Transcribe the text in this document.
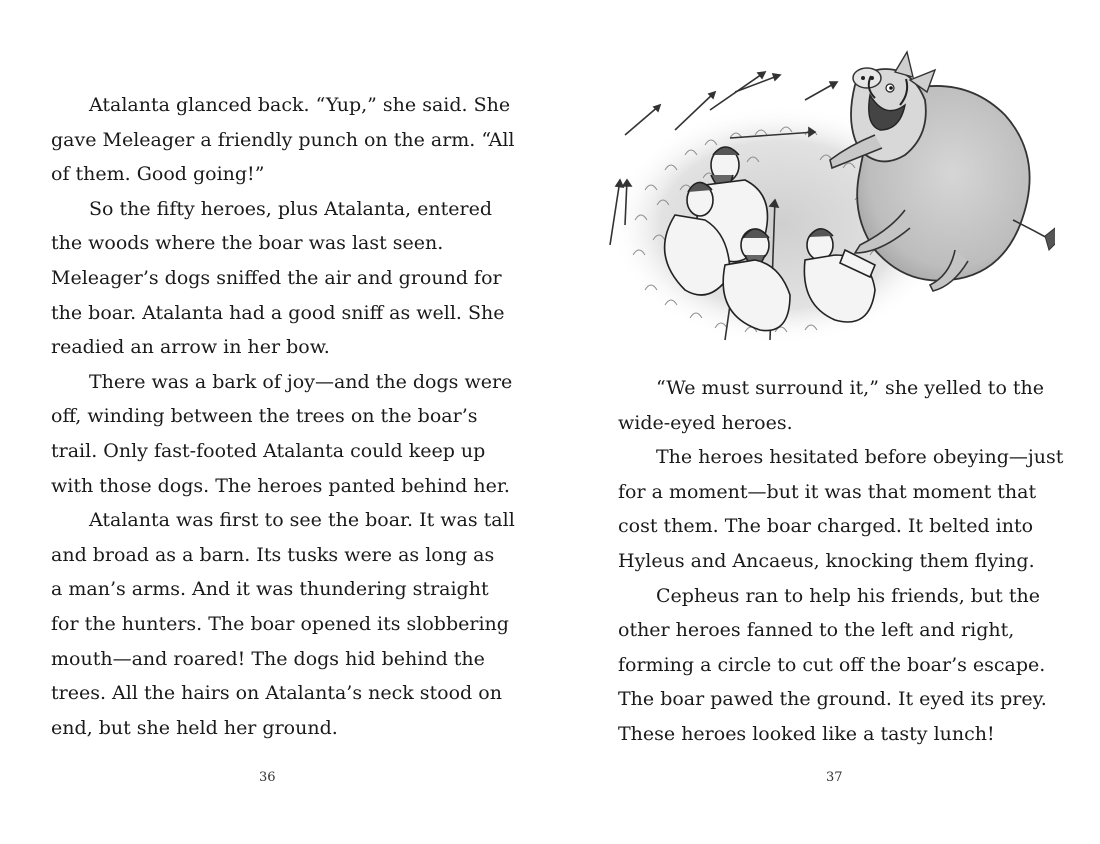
Atalanta glanced back. “Yup,” she said. She
gave Meleager a friendly punch on the arm. “All
of them. Good going!”
So the fifty heroes, plus Atalanta, entered
the woods where the boar was last seen.
Meleager’s dogs sniffed the air and ground for
the boar. Atalanta had a good sniff as well. She
readied an arrow in her bow.
There was a bark of joy—and the dogs were
off, winding between the trees on the boar’s
trail. Only fast-footed Atalanta could keep up
with those dogs. The heroes panted behind her.
Atalanta was first to see the boar. It was tall
and broad as a barn. Its tusks were as long as
a man’s arms. And it was thundering straight
for the hunters. The boar opened its slobbering
mouth—and roared! The dogs hid behind the
trees. All the hairs on Atalanta’s neck stood on
end, but she held her ground.
36
“We must surround it,” she yelled to the
wide-eyed heroes.
The heroes hesitated before obeying—just
for a moment—but it was that moment that
cost them. The boar charged. It belted into
Hyleus and Ancaeus, knocking them flying.
Cepheus ran to help his friends, but the
other heroes fanned to the left and right,
forming a circle to cut off the boar’s escape.
The boar pawed the ground. It eyed its prey.
These heroes looked like a tasty lunch!
37
